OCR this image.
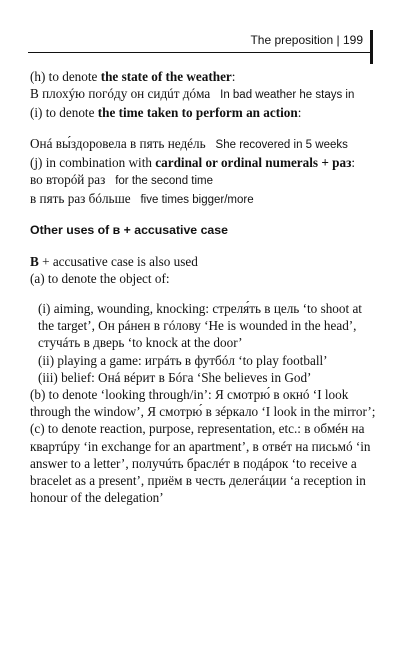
The preposition | 199
(h) to denote the state of the weather:
В плохýю погóду он сидúт дóма In bad weather he stays in
(i) to denote the time taken to perform an action:
Онá вы́здоровела в пять недéль She recovered in 5 weeks
(j) in combination with cardinal or ordinal numerals + раз:
во вторóй раз for the second time
в пять раз бóльше five times bigger/more
Other uses of в + accusative case
В + accusative case is also used
(a) to denote the object of:
(i) aiming, wounding, knocking: стреля́ть в цель ‘to shoot at
the target’, Он рáнен в гóлову ‘He is wounded in the head’,
стучáть в дверь ‘to knock at the door’
(ii) playing a game: игрáть в футбóл ‘to play football’
(iii) belief: Онá вéрит в Бóга ‘She believes in God’
(b) to denote ‘looking through/in’: Я смотрю́ в окнó ‘I look
through the window’, Я смотрю́ в зéркало ‘I look in the mirror’;
(c) to denote reaction, purpose, representation, etc.: в обмéн на
квартúру ‘in exchange for an apartment’, в отвéт на письмó ‘in
answer to a letter’, получúть браслéт в подáрок ‘to receive a
bracelet as a present’, приём в честь делегáции ‘a reception in
honour of the delegation’
